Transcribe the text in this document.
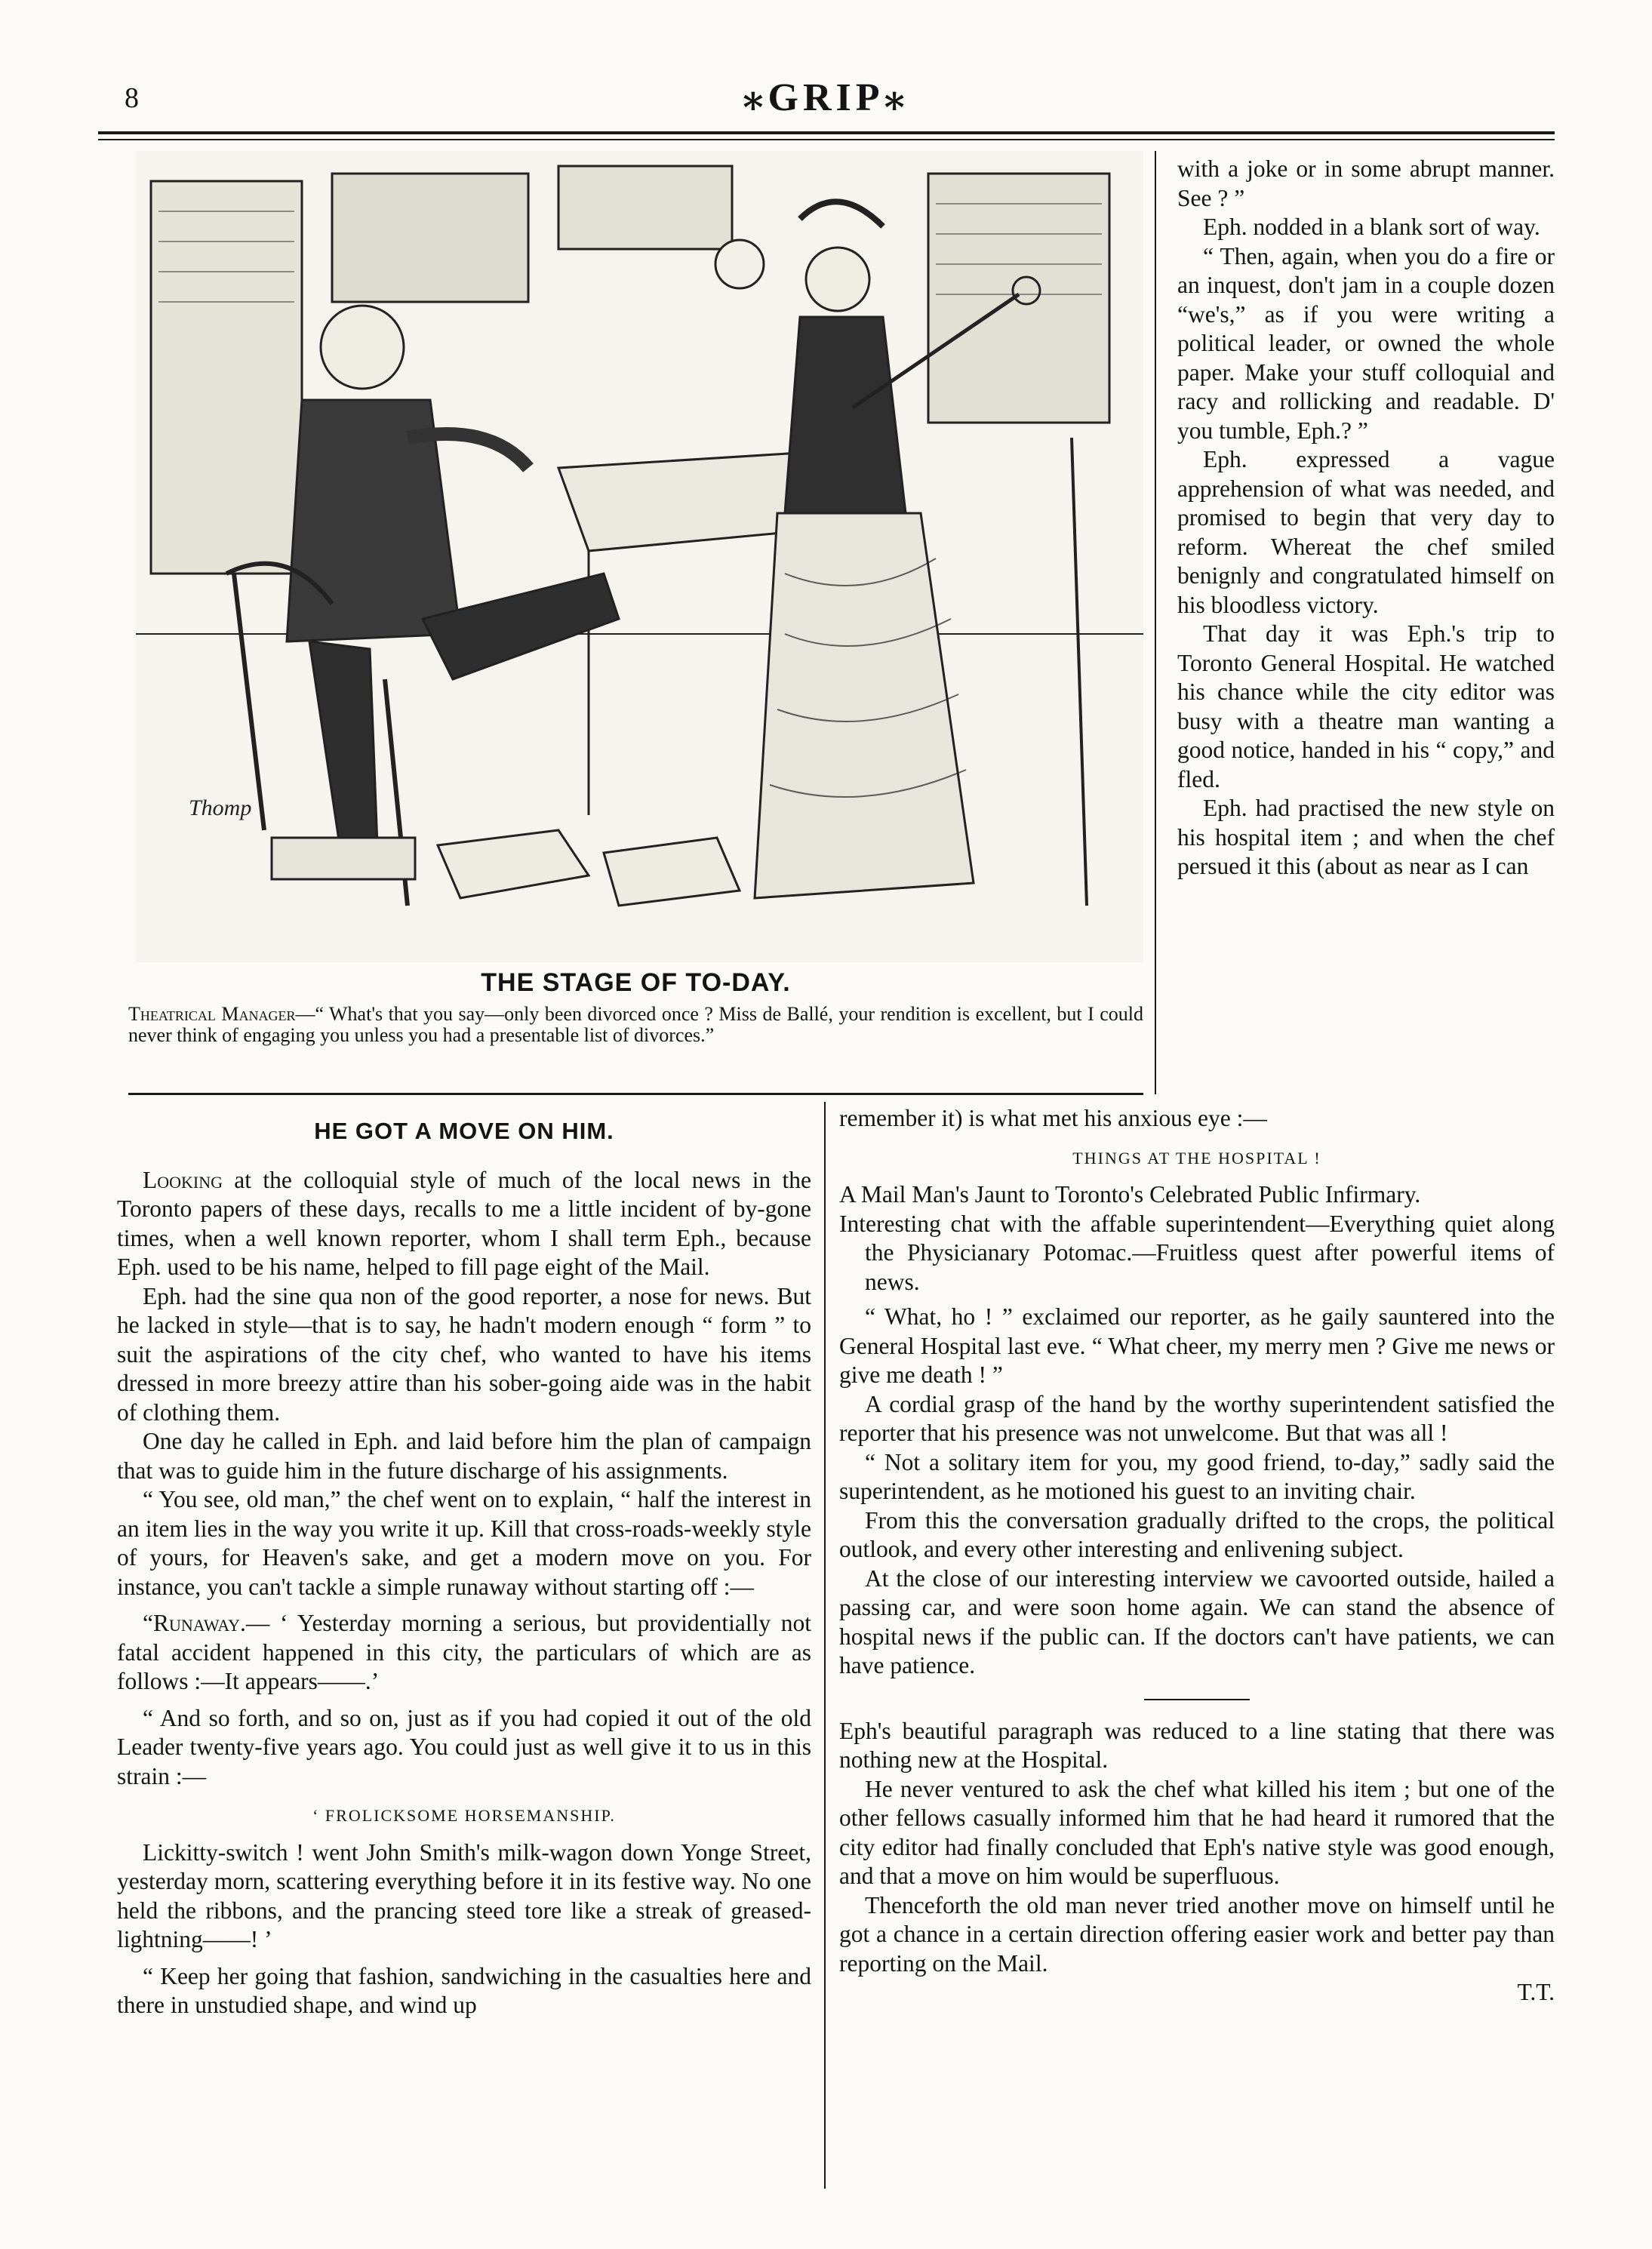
8	⁎GRIP⁎
Thomp
THE STAGE OF TO-DAY.
Theatrical Manager—“ What's that you say—only been divorced once ? Miss de Ballé, your rendition is excellent, but I could never think of engaging you unless you had a presentable list of divorces.”

with a joke or in some abrupt manner. See ? ”

Eph. nodded in a blank sort of way.

“ Then, again, when you do a fire or an inquest, don't jam in a couple dozen “we's,” as if you were writing a political leader, or owned the whole paper. Make your stuff colloquial and racy and rollicking and readable. D' you tumble, Eph.? ”

Eph. expressed a vague apprehension of what was needed, and promised to begin that very day to reform. Whereat the chef smiled benignly and congratulated himself on his bloodless victory.

That day it was Eph.'s trip to Toronto General Hospital. He watched his chance while the city editor was busy with a theatre man wanting a good notice, handed in his “ copy,” and fled.

Eph. had practised the new style on his hospital item ; and when the chef persued it this (about as near as I can

HE GOT A MOVE ON HIM.

Looking at the colloquial style of much of the local news in the Toronto papers of these days, recalls to me a little incident of by-gone times, when a well known reporter, whom I shall term Eph., because Eph. used to be his name, helped to fill page eight of the Mail.

Eph. had the sine qua non of the good reporter, a nose for news. But he lacked in style—that is to say, he hadn't modern enough “ form ” to suit the aspirations of the city chef, who wanted to have his items dressed in more breezy attire than his sober-going aide was in the habit of clothing them.

One day he called in Eph. and laid before him the plan of campaign that was to guide him in the future discharge of his assignments.

“ You see, old man,” the chef went on to explain, “ half the interest in an item lies in the way you write it up. Kill that cross-roads-weekly style of yours, for Heaven's sake, and get a modern move on you. For instance, you can't tackle a simple runaway without starting off :—

“Runaway.— ‘ Yesterday morning a serious, but providentially not fatal accident happened in this city, the particulars of which are as follows :—It appears——.’

“ And so forth, and so on, just as if you had copied it out of the old Leader twenty-five years ago. You could just as well give it to us in this strain :—

‘ FROLICKSOME HORSEMANSHIP.

Lickitty-switch ! went John Smith's milk-wagon down Yonge Street, yesterday morn, scattering everything before it in its festive way. No one held the ribbons, and the prancing steed tore like a streak of greased-lightning——! ’

“ Keep her going that fashion, sandwiching in the casualties here and there in unstudied shape, and wind up

remember it) is what met his anxious eye :—

THINGS AT THE HOSPITAL !

A Mail Man's Jaunt to Toronto's Celebrated Public Infirmary.

Interesting chat with the affable superintendent—Everything quiet along the Physicianary Potomac.—Fruitless quest after powerful items of news.

“ What, ho ! ” exclaimed our reporter, as he gaily sauntered into the General Hospital last eve. “ What cheer, my merry men ? Give me news or give me death ! ”

A cordial grasp of the hand by the worthy superintendent satisfied the reporter that his presence was not unwelcome. But that was all !

“ Not a solitary item for you, my good friend, to-day,” sadly said the superintendent, as he motioned his guest to an inviting chair.

From this the conversation gradually drifted to the crops, the political outlook, and every other interesting and enlivening subject.

At the close of our interesting interview we cavoorted outside, hailed a passing car, and were soon home again. We can stand the absence of hospital news if the public can. If the doctors can't have patients, we can have patience.

Eph's beautiful paragraph was reduced to a line stating that there was nothing new at the Hospital.

He never ventured to ask the chef what killed his item ; but one of the other fellows casually informed him that he had heard it rumored that the city editor had finally concluded that Eph's native style was good enough, and that a move on him would be superfluous.

Thenceforth the old man never tried another move on himself until he got a chance in a certain direction offering easier work and better pay than reporting on the Mail.

T.T.
